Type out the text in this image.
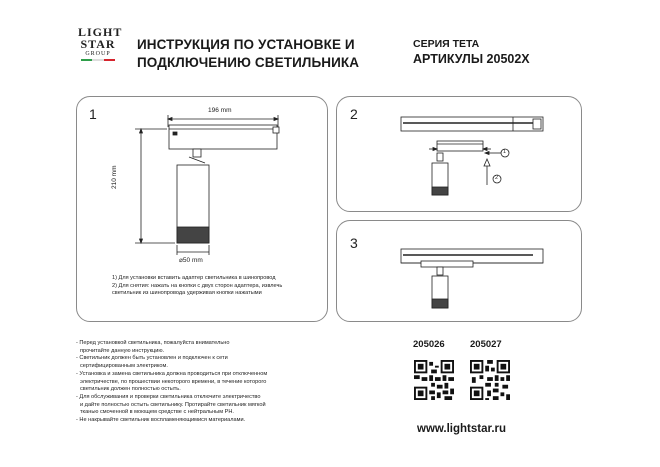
LIGHT
STAR
GROUP
ИНСТРУКЦИЯ ПО УСТАНОВКЕ И
ПОДКЛЮЧЕНИЮ СВЕТИЛЬНИКА
СЕРИЯ TETA
АРТИКУЛЫ 20502X
1	196 mm
210 mm
⌀50 mm
1) Для установки вставить адаптер светильника в шинопровод
2) Для снятия: нажать на кнопки с двух сторон адаптера, извлечь
светильник из шинопровода удерживая кнопки нажатыми
2
1
2
3
- Перед установкой светильника, пожалуйста внимательно
прочитайте данную инструкцию.
- Светильник должен быть установлен и подключен к сети
сертифицированным электриком.
- Установка и замена светильника должна проводиться при отключенном
электричестве, по прошествии некоторого времени, в течение которого
светильник должен полностью остыть.
- Для обслуживания и проверки светильника отключите электричество
и дайте полностью остыть светильнику. Протирайте светильник мягкой
тканью смоченной в моющем средстве с нейтральным PH.
- Не накрывайте светильник воспламеняющимися материалами.
205026	205027
www.lightstar.ru
